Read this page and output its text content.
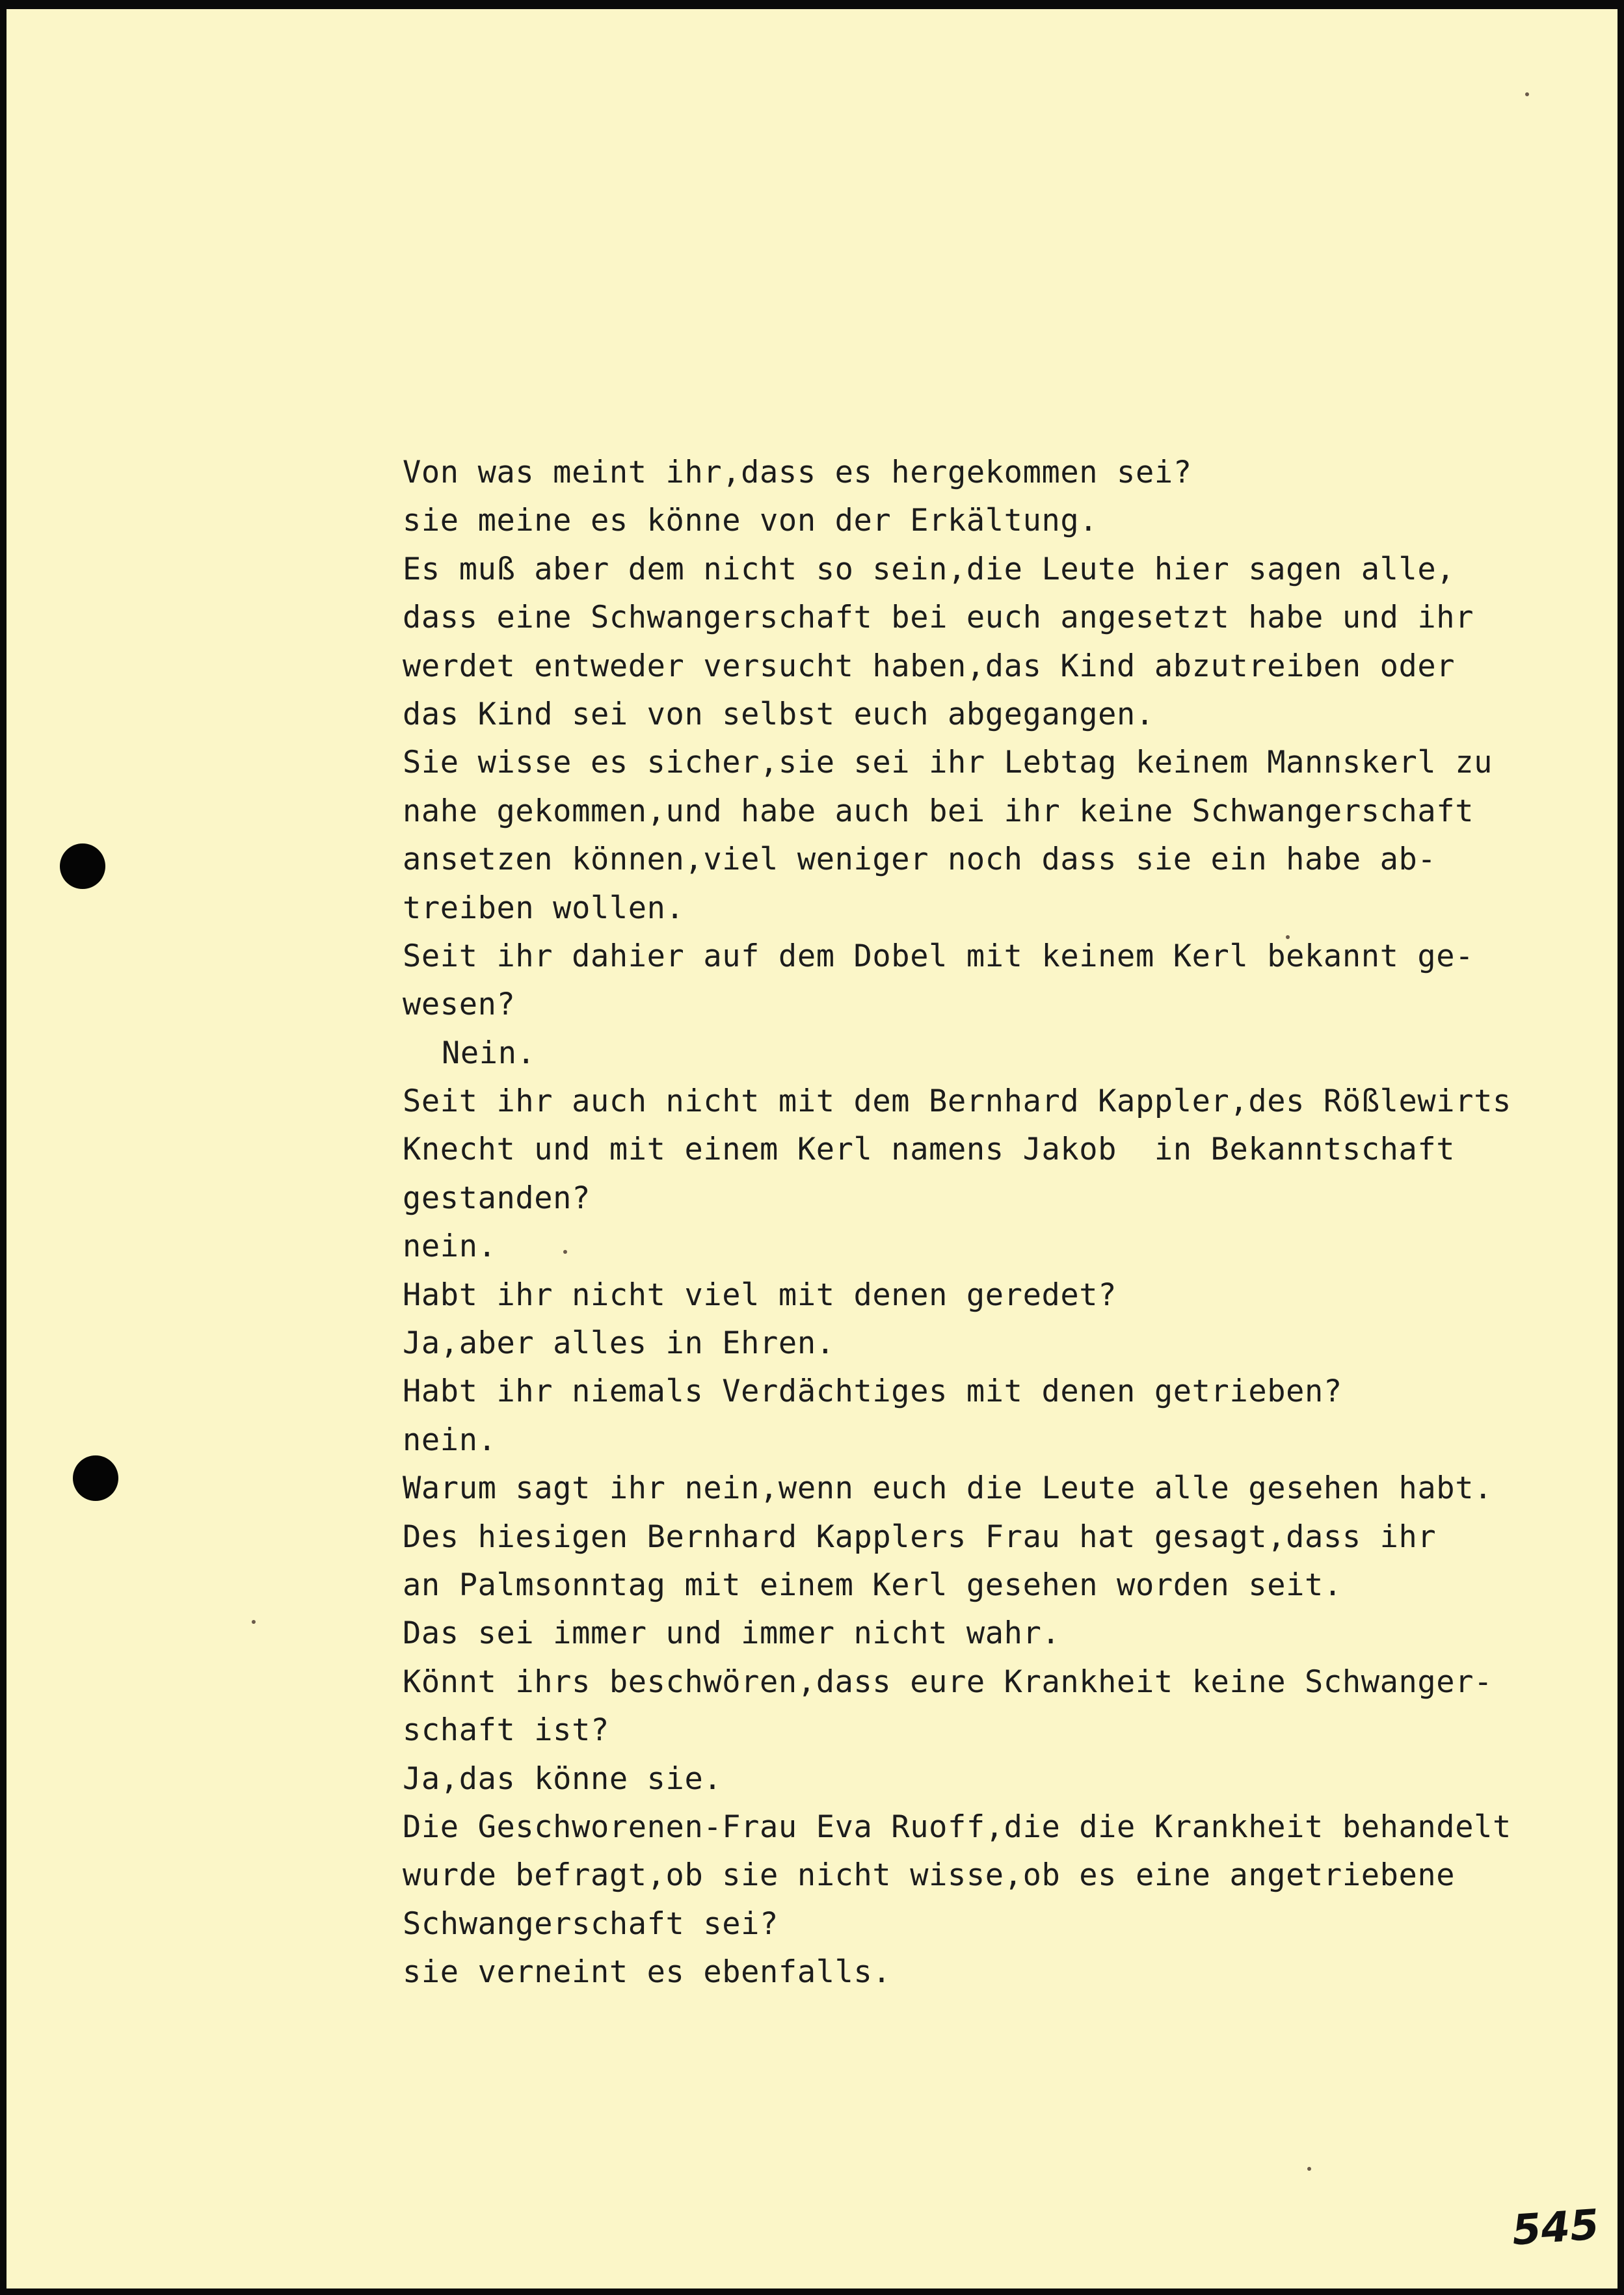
Von was meint ihr,dass es hergekommen sei?
sie meine es könne von der Erkältung.
Es muß aber dem nicht so sein,die Leute hier sagen alle,
dass eine Schwangerschaft bei euch angesetzt habe und ihr
werdet entweder versucht haben,das Kind abzutreiben oder
das Kind sei von selbst euch abgegangen.
Sie wisse es sicher,sie sei ihr Lebtag keinem Mannskerl zu
nahe gekommen,und habe auch bei ihr keine Schwangerschaft
ansetzen können,viel weniger noch dass sie ein habe ab-
treiben wollen.
Seit ihr dahier auf dem Dobel mit keinem Kerl bekannt ge-
wesen?
Nein.
Seit ihr auch nicht mit dem Bernhard Kappler,des Rößlewirts
Knecht und mit einem Kerl namens Jakob  in Bekanntschaft
gestanden?
nein.
Habt ihr nicht viel mit denen geredet?
Ja,aber alles in Ehren.
Habt ihr niemals Verdächtiges mit denen getrieben?
nein.
Warum sagt ihr nein,wenn euch die Leute alle gesehen habt.
Des hiesigen Bernhard Kapplers Frau hat gesagt,dass ihr
an Palmsonntag mit einem Kerl gesehen worden seit.
Das sei immer und immer nicht wahr.
Könnt ihrs beschwören,dass eure Krankheit keine Schwanger-
schaft ist?
Ja,das könne sie.
Die Geschworenen-Frau Eva Ruoff,die die Krankheit behandelt
wurde befragt,ob sie nicht wisse,ob es eine angetriebene
Schwangerschaft sei?
sie verneint es ebenfalls.
545
